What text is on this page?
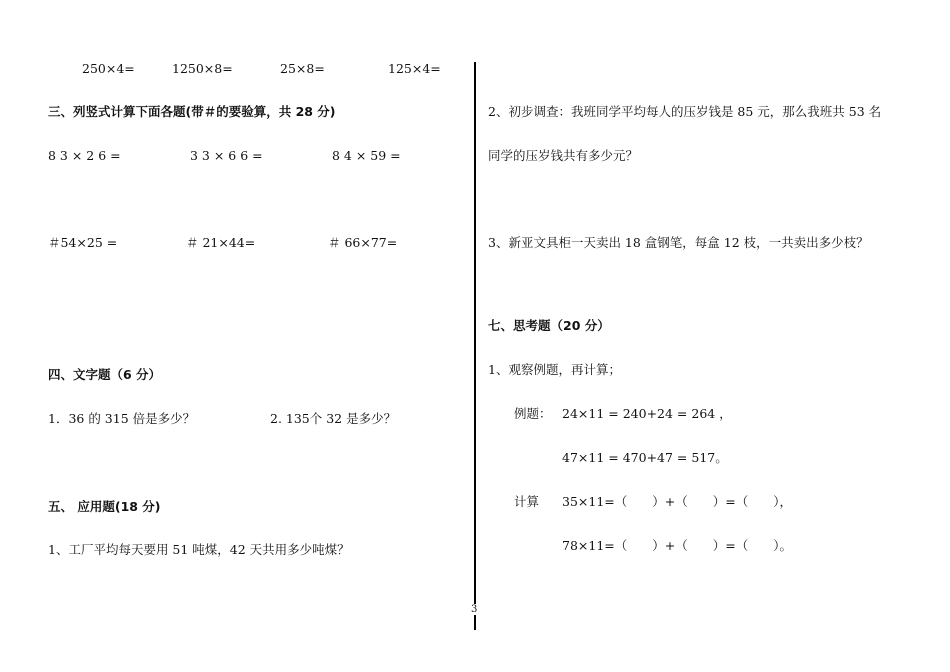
250×4=	1250×8=	25×8=	125×4=
三、列竖式计算下面各题(带＃的要验算，共 28 分)
8 3 × 2 6 =	3 3 × 6 6 =	8 4 × 59 =
＃54×25 =	＃ 21×44=	＃ 66×77=
四、文字题（6 分）
1．36 的 315 倍是多少？	2. 135个 32 是多少？
五、 应用题(18 分)
1、工厂平均每天要用 51 吨煤，42 天共用多少吨煤？
3
2、初步调查：我班同学平均每人的压岁钱是 85 元，那么我班共 53 名
同学的压岁钱共有多少元？
3、新亚文具柜一天卖出 18 盒钢笔，每盒 12 枝，一共卖出多少枝？
七、思考题（20 分）
1、观察例题，再计算；
例题： 24×11 = 240+24 = 264 ，
47×11 = 470+47 = 517。
计算 35×11=（　　）+（　　）=（　　），
78×11=（　　）+（　　）=（　　）。
